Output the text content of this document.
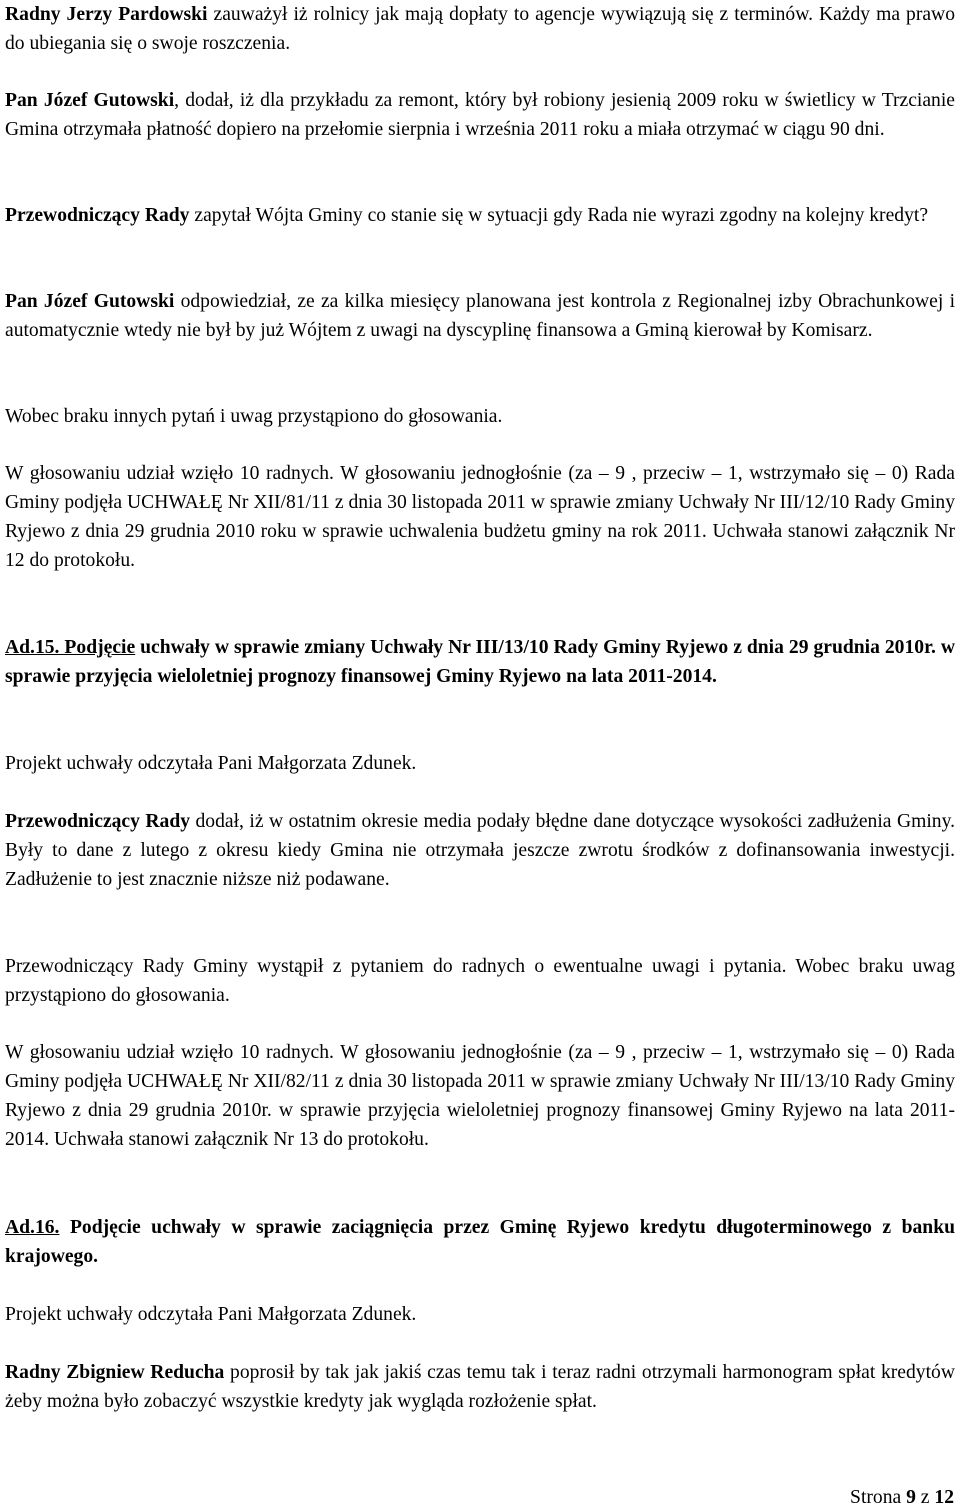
Radny Jerzy Pardowski zauważył iż rolnicy jak mają dopłaty to agencje wywiązują się z terminów. Każdy ma prawo do ubiegania się o swoje roszczenia.

Pan Józef Gutowski, dodał, iż dla przykładu za remont, który był robiony jesienią 2009 roku w świetlicy w Trzcianie Gmina otrzymała płatność dopiero na przełomie sierpnia i września 2011 roku a miała otrzymać w ciągu 90 dni.

Przewodniczący Rady zapytał Wójta Gminy co stanie się w sytuacji gdy Rada nie wyrazi zgodny na kolejny kredyt?

Pan Józef Gutowski odpowiedział, ze za kilka miesięcy planowana jest kontrola z Regionalnej izby Obrachunkowej i automatycznie wtedy nie był by już Wójtem z uwagi na dyscyplinę finansowa a Gminą kierował by Komisarz.

Wobec braku innych pytań i uwag przystąpiono do głosowania.

W głosowaniu udział wzięło 10 radnych. W głosowaniu jednogłośnie (za – 9 , przeciw – 1, wstrzymało się – 0) Rada Gminy podjęła UCHWAŁĘ Nr XII/81/11 z dnia 30 listopada 2011 w sprawie zmiany Uchwały Nr III/12/10 Rady Gminy Ryjewo z dnia 29 grudnia 2010 roku w sprawie uchwalenia budżetu gminy na rok 2011. Uchwała stanowi załącznik Nr 12 do protokołu.

Ad.15. Podjęcie uchwały w sprawie zmiany Uchwały Nr III/13/10 Rady Gminy Ryjewo z dnia 29 grudnia 2010r. w sprawie przyjęcia wieloletniej prognozy finansowej Gminy Ryjewo na lata 2011-2014.

Projekt uchwały odczytała Pani Małgorzata Zdunek.

Przewodniczący Rady dodał, iż w ostatnim okresie media podały błędne dane dotyczące wysokości zadłużenia Gminy. Były to dane z lutego z okresu kiedy Gmina nie otrzymała jeszcze zwrotu środków z dofinansowania inwestycji. Zadłużenie to jest znacznie niższe niż podawane.

Przewodniczący Rady Gminy wystąpił z pytaniem do radnych o ewentualne uwagi i pytania. Wobec braku uwag przystąpiono do głosowania.

W głosowaniu udział wzięło 10 radnych. W głosowaniu jednogłośnie (za – 9 , przeciw – 1, wstrzymało się – 0) Rada Gminy podjęła UCHWAŁĘ Nr XII/82/11 z dnia 30 listopada 2011 w sprawie zmiany Uchwały Nr III/13/10 Rady Gminy Ryjewo z dnia 29 grudnia 2010r. w sprawie przyjęcia wieloletniej prognozy finansowej Gminy Ryjewo na lata 2011-2014. Uchwała stanowi załącznik Nr 13 do protokołu.

Ad.16. Podjęcie uchwały w sprawie zaciągnięcia przez Gminę Ryjewo kredytu długoterminowego z banku krajowego.

Projekt uchwały odczytała Pani Małgorzata Zdunek.

Radny Zbigniew Reducha poprosił by tak jak jakiś czas temu tak i teraz radni otrzymali harmonogram spłat kredytów żeby można było zobaczyć wszystkie kredyty jak wygląda rozłożenie spłat.

Strona 9 z 12
